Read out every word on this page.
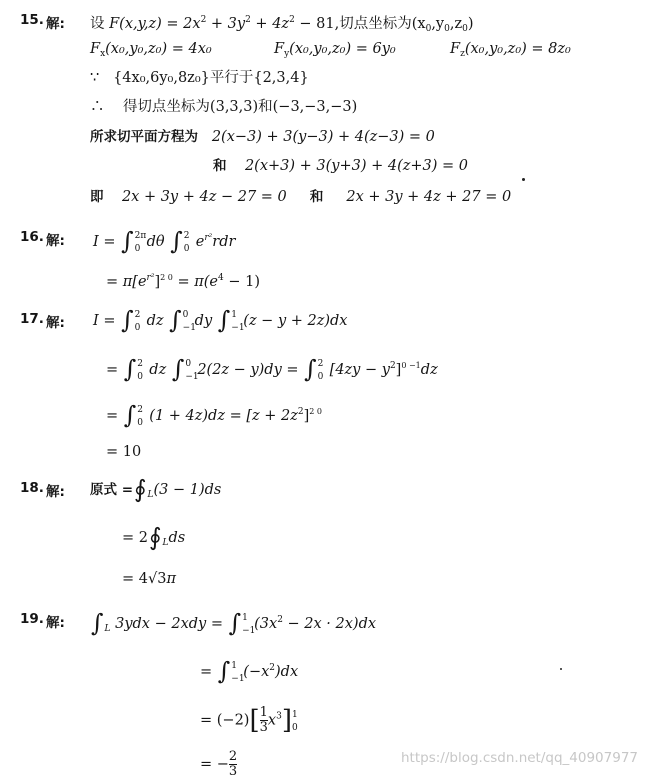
15. 解: 设 $F(x,y,z) = 2x^2 + 3y^2 + 4z^2 - 81$,切点坐标为$(x_0,y_0,z_0)$
$F_x(x_0,y_0,z_0) = 4x_0$	$F_y(x_0,y_0,z_0) = 6y_0$	$F_z(x_0,y_0,z_0) = 8z_0$
∵ {4x₀,6y₀,8z₀}平行于{2,3,4}
∴ 得切点坐标为(3,3,3)和(−3,−3,−3)
所求切平面方程为 2(x−3) + 3(y−3) + 4(z−3) = 0
和 2(x+3) + 3(y+3) + 4(z+3) = 0
即 2x + 3y + 4z − 27 = 0 和 2x + 3y + 4z + 27 = 0
16. 解: I = ∫ 2π
0 dθ ∫ 2
0 $e^{r^2}rdr$
= $\pi[e^{r^2}]^{2 0} = \pi(e^4 - 1)$
17. 解: I = ∫ 2
0 dz ∫ 0
−1
dy ∫ 1
−1
(z − y + 2z)dx
= ∫ 2
0 dz ∫ 0
−1
2(2z − y)dy = ∫ 2
0 $[4zy - y^2]^{0 -1}dz$
= ∫ 2
0 $(1 + 4z)dz = [z + 2z^2]^{2 0}$
= 10
18. 解: 原式 $=∮_L(3 - 1)ds$
= $2∮_Lds$
= 4√3π
19. 解: $\int_L$ 3ydx − 2xdy = ∫ 1
−1
$(3x^2 - 2x \cdot 2x)dx$
= ∫ 1
−1
$(-x^2)dx$
= $(-2)[ \frac{1}{3} x^3]$ 1
0
= − $\frac{2}{3}$	https://blog.csdn.net/qq_40907977
